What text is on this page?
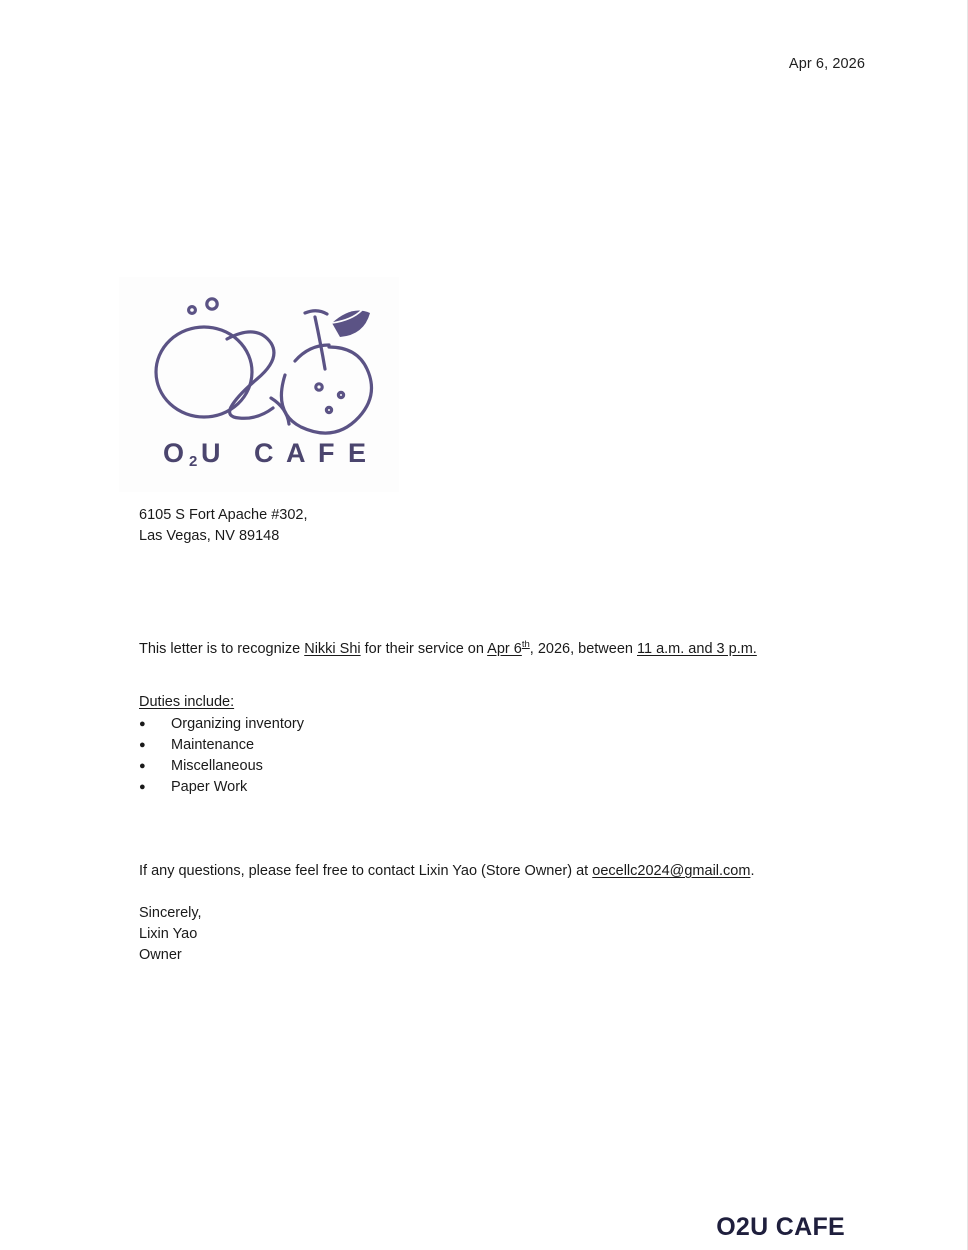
Apr 6, 2026
O 2 U C A F E
6105 S Fort Apache #302,
Las Vegas, NV 89148
This letter is to recognize Nikki Shi for their service on Apr 6th, 2026, between 11 a.m. and 3 p.m.
Duties include:
● Organizing inventory
● Maintenance
● Miscellaneous
● Paper Work
If any questions, please feel free to contact Lixin Yao (Store Owner) at oecellc2024@gmail.com.
Sincerely,
Lixin Yao
Owner
O2U CAFE
